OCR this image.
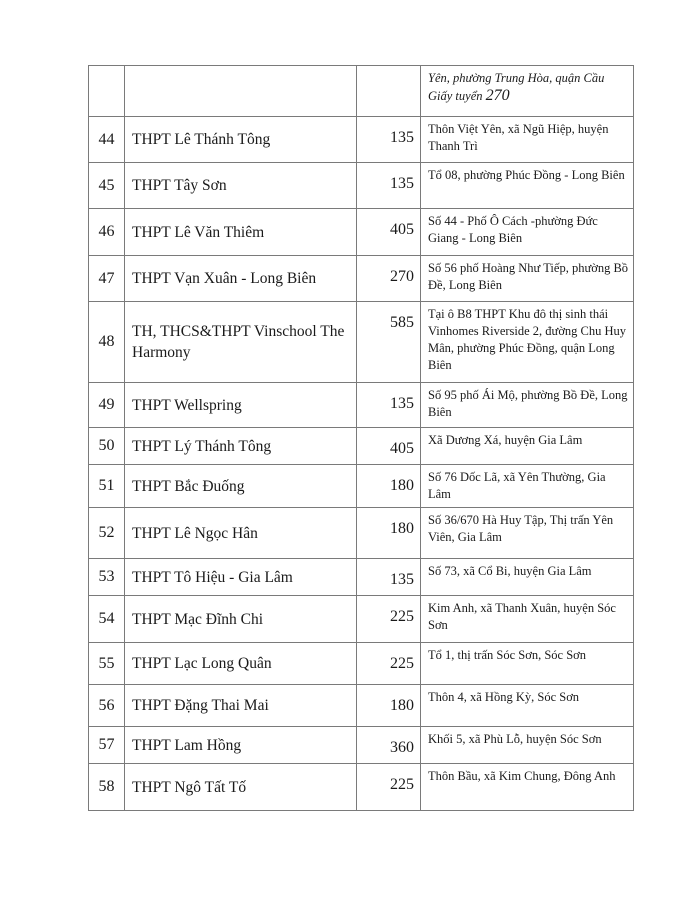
			Yên, phường Trung Hòa, quận Cầu Giấy tuyển 270
44	THPT Lê Thánh Tông	135	Thôn Việt Yên, xã Ngũ Hiệp, huyện Thanh Trì
45	THPT Tây Sơn	135	Tổ 08, phường Phúc Đồng - Long Biên
46	THPT Lê Văn Thiêm	405	Số 44 - Phố Ô Cách -phường Đức Giang - Long Biên
47	THPT Vạn Xuân - Long Biên	270	Số 56 phố Hoàng Như Tiếp, phường Bồ Đề, Long Biên
48	TH, THCS&THPT Vinschool The Harmony	585	Tại ô B8 THPT Khu đô thị sinh thái Vinhomes Riverside 2, đường Chu Huy Mân, phường Phúc Đồng, quận Long Biên
49	THPT Wellspring	135	Số 95 phố Ái Mộ, phường Bồ Đề, Long Biên
50	THPT Lý Thánh Tông	405	Xã Dương Xá, huyện Gia Lâm
51	THPT Bắc Đuống	180	Số 76 Dốc Lã, xã Yên Thường, Gia Lâm
52	THPT Lê Ngọc Hân	180	Số 36/670 Hà Huy Tập, Thị trấn Yên Viên, Gia Lâm
53	THPT Tô Hiệu - Gia Lâm	135	Số 73, xã Cổ Bi, huyện Gia Lâm
54	THPT Mạc Đĩnh Chi	225	Kim Anh, xã Thanh Xuân, huyện Sóc Sơn
55	THPT Lạc Long Quân	225	Tổ 1, thị trấn Sóc Sơn, Sóc Sơn
56	THPT Đặng Thai Mai	180	Thôn 4, xã Hồng Kỳ, Sóc Sơn
57	THPT Lam Hồng	360	Khối 5, xã Phù Lỗ, huyện Sóc Sơn
58	THPT Ngô Tất Tố	225	Thôn Bầu, xã Kim Chung, Đông Anh
